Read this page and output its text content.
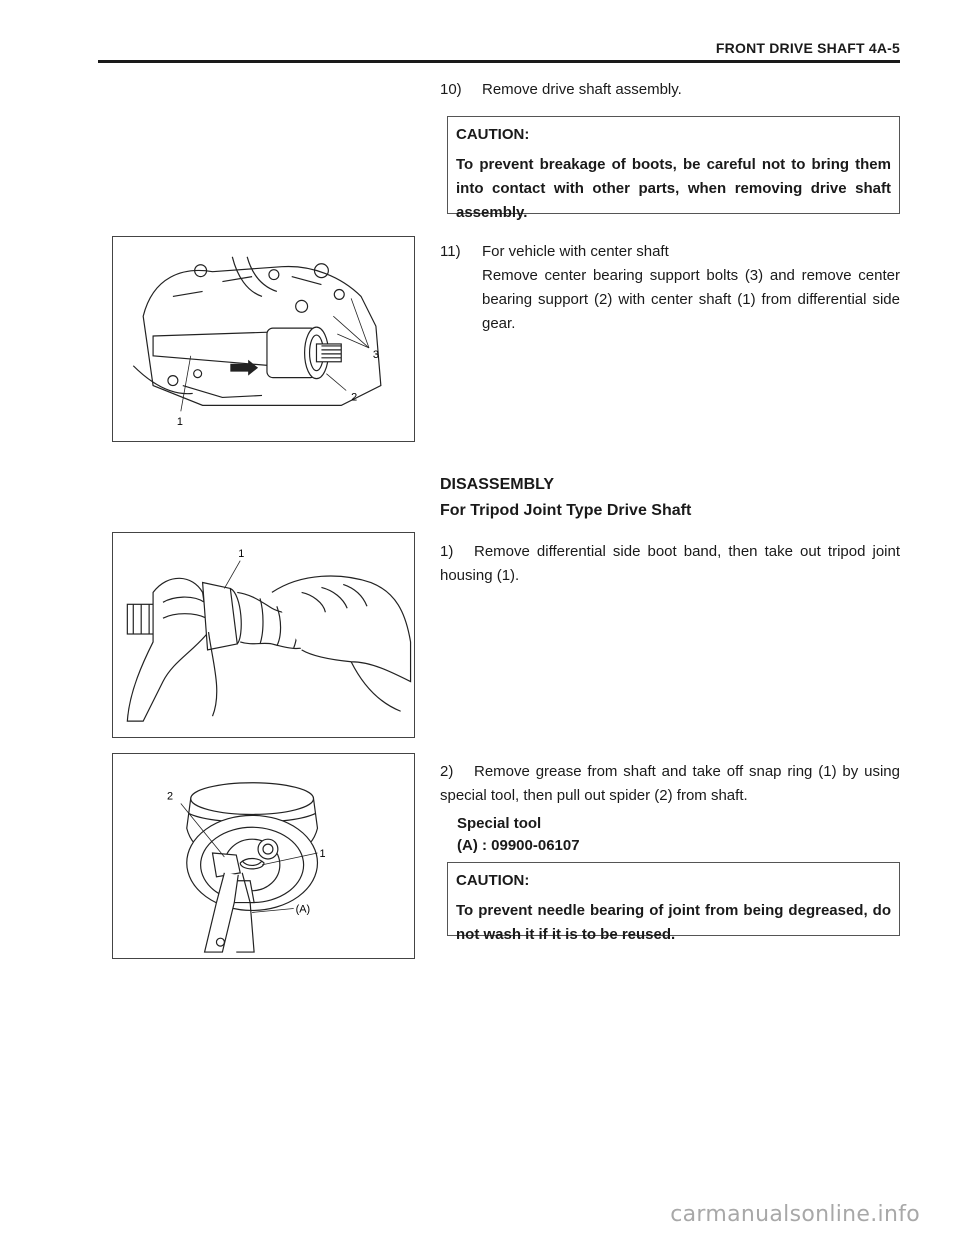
FRONT DRIVE SHAFT 4A-5
10) Remove drive shaft assembly.
CAUTION:
To prevent breakage of boots, be careful not to bring them into contact with other parts, when removing drive shaft assembly.
1
2
3
11) For vehicle with center shaft
Remove center bearing support bolts (3) and remove center bearing support (2) with center shaft (1) from differential side gear.
DISASSEMBLY
For Tripod Joint Type Drive Shaft
1	1) Remove differential side boot band, then take out tripod joint housing (1).
2
1
(A)
2) Remove grease from shaft and take off snap ring (1) by using special tool, then pull out spider (2) from shaft.
Special tool
(A) : 09900-06107
CAUTION:
To prevent needle bearing of joint from being degreased, do not wash it if it is to be reused.
carmanualsonline.info
